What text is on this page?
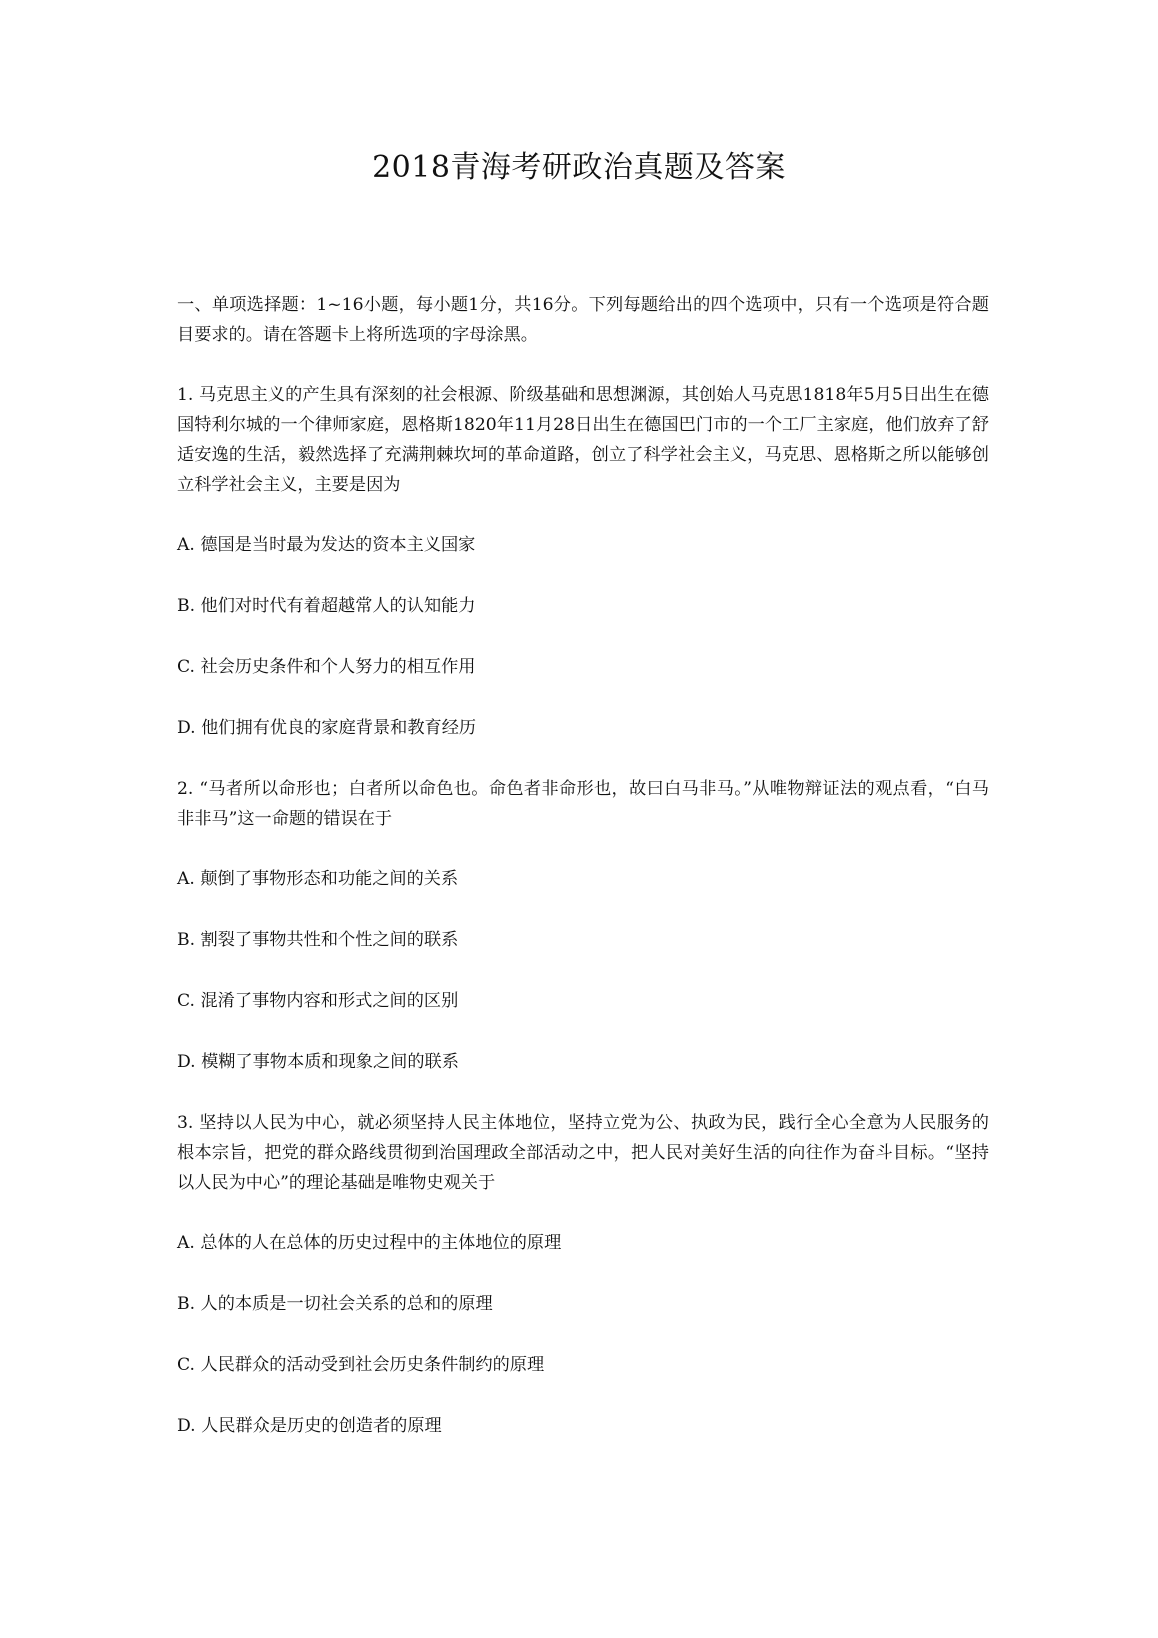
2018青海考研政治真题及答案

一、单项选择题：1~16小题，每小题1分，共16分。下列每题给出的四个选项中，只有一个选项是符合题目要求的。请在答题卡上将所选项的字母涂黑。

1. 马克思主义的产生具有深刻的社会根源、阶级基础和思想渊源，其创始人马克思1818年5月5日出生在德国特利尔城的一个律师家庭，恩格斯1820年11月28日出生在德国巴门市的一个工厂主家庭，他们放弃了舒适安逸的生活，毅然选择了充满荆棘坎坷的革命道路，创立了科学社会主义，马克思、恩格斯之所以能够创立科学社会主义，主要是因为

A. 德国是当时最为发达的资本主义国家

B. 他们对时代有着超越常人的认知能力

C. 社会历史条件和个人努力的相互作用

D. 他们拥有优良的家庭背景和教育经历

2. “马者所以命形也；白者所以命色也。命色者非命形也，故曰白马非马。”从唯物辩证法的观点看，“白马非非马”这一命题的错误在于

A. 颠倒了事物形态和功能之间的关系

B. 割裂了事物共性和个性之间的联系

C. 混淆了事物内容和形式之间的区别

D. 模糊了事物本质和现象之间的联系

3. 坚持以人民为中心，就必须坚持人民主体地位，坚持立党为公、执政为民，践行全心全意为人民服务的根本宗旨，把党的群众路线贯彻到治国理政全部活动之中，把人民对美好生活的向往作为奋斗目标。“坚持以人民为中心”的理论基础是唯物史观关于

A. 总体的人在总体的历史过程中的主体地位的原理

B. 人的本质是一切社会关系的总和的原理

C. 人民群众的活动受到社会历史条件制约的原理

D. 人民群众是历史的创造者的原理
